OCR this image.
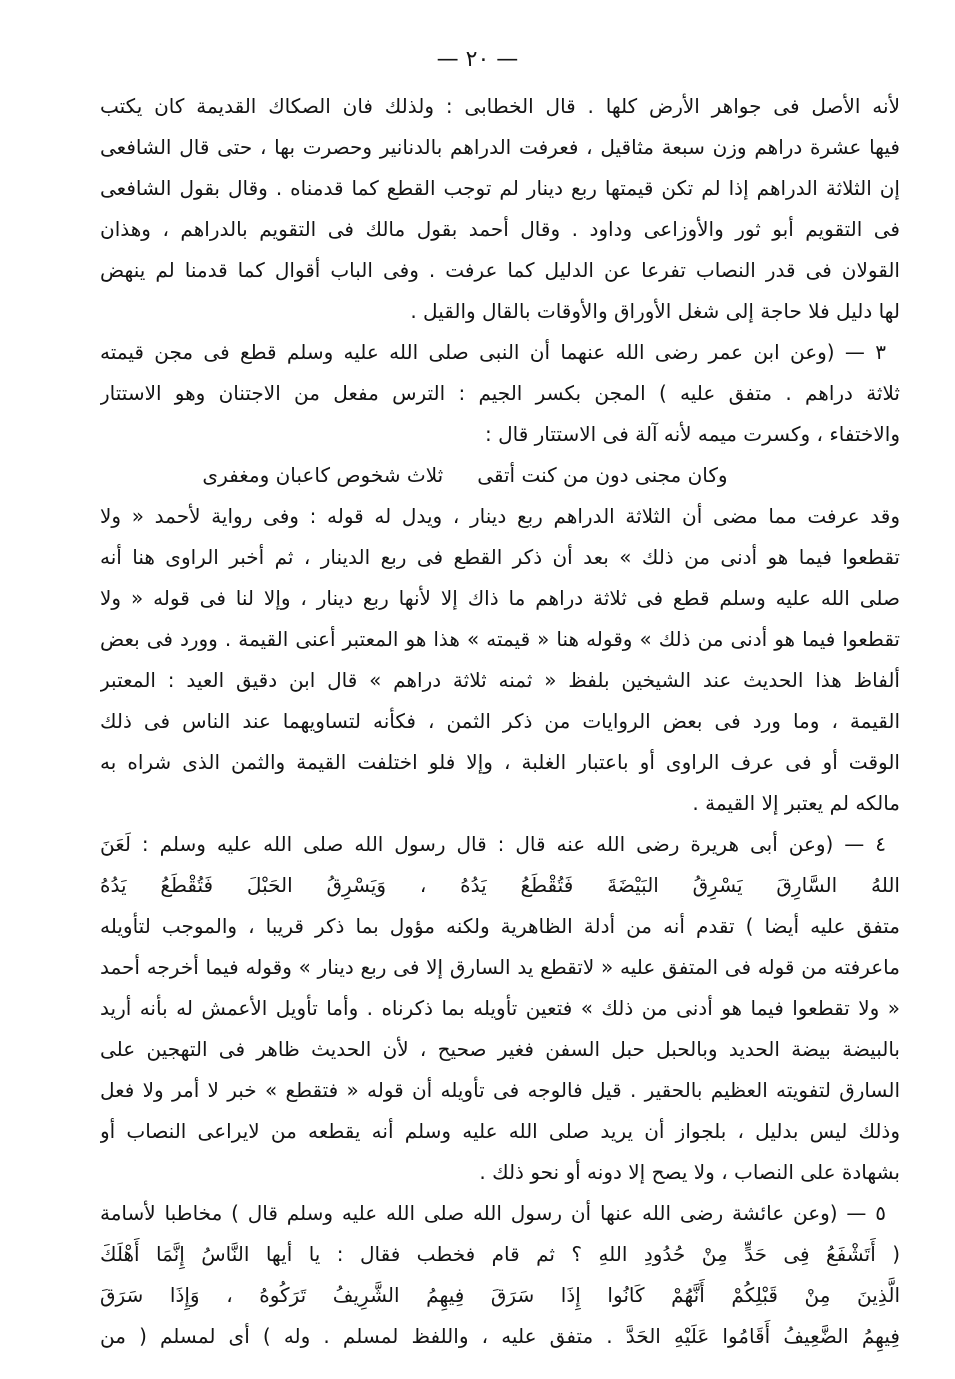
— ٢٠ —
لأنه الأصل فى جواهر الأرض كلها . قال الخطابى : ولذلك فان الصكاك القديمة كان يكتب
فيها عشرة دراهم وزن سبعة مثاقيل ، فعرفت الدراهم بالدنانير وحصرت بها ، حتى قال الشافعى
إن الثلاثة الدراهم إذا لم تكن قيمتها ربع دينار لم توجب القطع كما قدمناه . وقال بقول الشافعى
فى التقويم أبو ثور والأوزاعى وداود . وقال أحمد بقول مالك فى التقويم بالدراهم ، وهذان
القولان فى قدر النصاب تفرعا عن الدليل كما عرفت . وفى الباب أقوال كما قدمنا لم ينهض
لها دليل فلا حاجة إلى شغل الأوراق والأوقات بالقال والقيل .
٣ — (وعن ابن عمر رضى الله عنهما أن النبى صلى الله عليه وسلم قطع فى مجن قيمته
ثلاثة دراهم . متفق عليه ) المجن بكسر الجيم : الترس مفعل من الاجتنان وهو الاستتار
والاختفاء ، وكسرت ميمه لأنه آلة فى الاستتار قال :
وكان مجنى دون من كنت أتقى
ثلاث شخوص كاعبان ومغفرى
وقد عرفت مما مضى أن الثلاثة الدراهم ربع دينار ، ويدل له قوله : وفى رواية لأحمد « ولا
تقطعوا فيما هو أدنى من ذلك » بعد أن ذكر القطع فى ربع الدينار ، ثم أخبر الراوى هنا أنه
صلى الله عليه وسلم قطع فى ثلاثة دراهم ما ذاك إلا لأنها ربع دينار ، وإلا لنا فى قوله « ولا
تقطعوا فيما هو أدنى من ذلك » وقوله هنا « قيمته » هذا هو المعتبر أعنى القيمة . وورد فى بعض
ألفاظ هذا الحديث عند الشيخين بلفظ « ثمنه ثلاثة دراهم » قال ابن دقيق العيد : المعتبر
القيمة ، وما ورد فى بعض الروايات من ذكر الثمن ، فكأنه لتساويهما عند الناس فى ذلك
الوقت أو فى عرف الراوى أو باعتبار الغلبة ، وإلا فلو اختلفت القيمة والثمن الذى شراه به
مالكه لم يعتبر إلا القيمة .
٤ — (وعن أبى هريرة رضى الله عنه قال : قال رسول الله صلى الله عليه وسلم : لَعَنَ
اللهُ السَّارِقَ يَسْرِقُ البَيْضَةَ فَتُقْطَعُ يَدُهُ ، وَيَسْرِقُ الحَبْلَ فَتُقْطَعُ يَدُهُ
متفق عليه أيضا ) تقدم أنه من أدلة الظاهرية ولكنه مؤول بما ذكر قريبا ، والموجب لتأويله
ماعرفته من قوله فى المتفق عليه « لاتقطع يد السارق إلا فى ربع دينار » وقوله فيما أخرجه أحمد
« ولا تقطعوا فيما هو أدنى من ذلك » فتعين تأويله بما ذكرناه . وأما تأويل الأعمش له بأنه أريد
بالبيضة بيضة الحديد وبالحبل حبل السفن فغير صحيح ، لأن الحديث ظاهر فى التهجين على
السارق لتفويته العظيم بالحقير . قيل فالوجه فى تأويله أن قوله « فتقطع » خبر لا أمر ولا فعل
وذلك ليس بدليل ، بلجواز أن يريد صلى الله عليه وسلم أنه يقطعه من لايراعى النصاب أو
بشهادة على النصاب ، ولا يصح إلا دونه أو نحو ذلك .
٥ — (وعن عائشة رضى الله عنها أن رسول الله صلى الله عليه وسلم قال ) مخاطبا لأسامة
( أَتَشْفَعُ فِى حَدٍّ مِنْ حُدُودِ اللهِ ؟ ثم قام فخطب فقال : يا أيها النَّاسُ إِنَّمَا أَهْلَكَ
الَّذِينَ مِنْ قَبْلِكُمْ أَنَّهُمْ كَانُوا إِذَا سَرَقَ فِيهِمُ الشَّرِيفُ تَرَكُوهُ ، وَإِذَا سَرَقَ
فِيهِمُ الضَّعِيفُ أَقَامُوا عَلَيْهِ الحَدَّ . متفق عليه ، واللفظ لمسلم . وله ) أى لمسلم ( من
